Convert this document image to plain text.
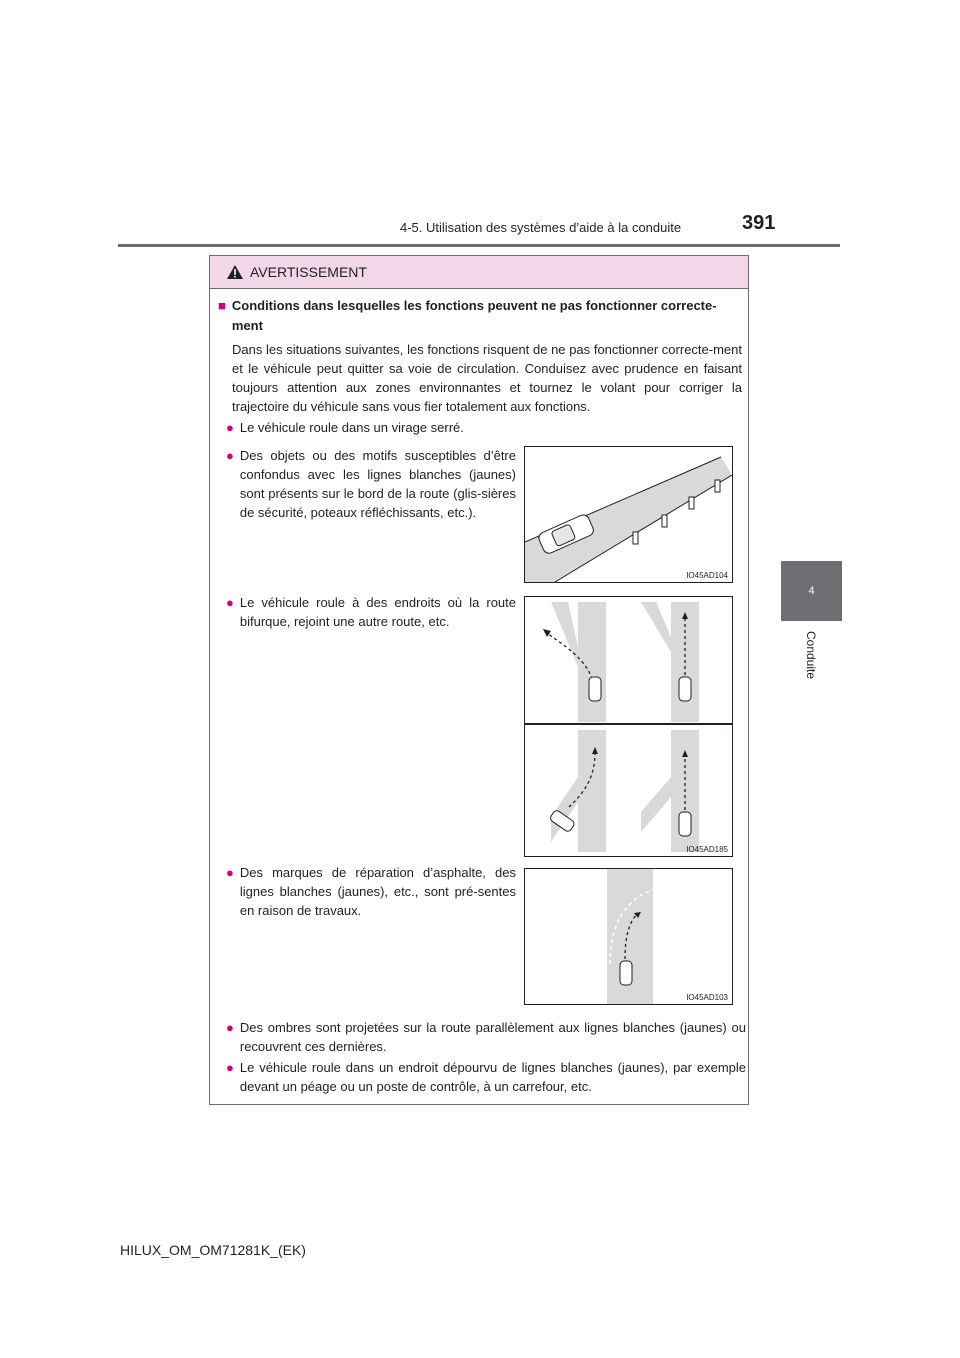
4-5. Utilisation des systèmes d’aide à la conduite	391
4
Conduite
AVERTISSEMENT
■ Conditions dans lesquelles les fonctions peuvent ne pas fonctionner correcte-ment
Dans les situations suivantes, les fonctions risquent de ne pas fonctionner correcte-ment et le véhicule peut quitter sa voie de circulation. Conduisez avec prudence en faisant toujours attention aux zones environnantes et tournez le volant pour corriger la trajectoire du véhicule sans vous fier totalement aux fonctions.
● Le véhicule roule dans un virage serré.
● Des objets ou des motifs susceptibles d’être confondus avec les lignes blanches (jaunes) sont présents sur le bord de la route (glis-sières de sécurité, poteaux réfléchissants, etc.).
IO45AD104
● Le véhicule roule à des endroits où la route bifurque, rejoint une autre route, etc.
IO45AD185
● Des marques de réparation d’asphalte, des lignes blanches (jaunes), etc., sont pré-sentes en raison de travaux.
IO45AD103
● Des ombres sont projetées sur la route parallèlement aux lignes blanches (jaunes) ou recouvrent ces dernières.
● Le véhicule roule dans un endroit dépourvu de lignes blanches (jaunes), par exemple devant un péage ou un poste de contrôle, à un carrefour, etc.
HILUX_OM_OM71281K_(EK)
